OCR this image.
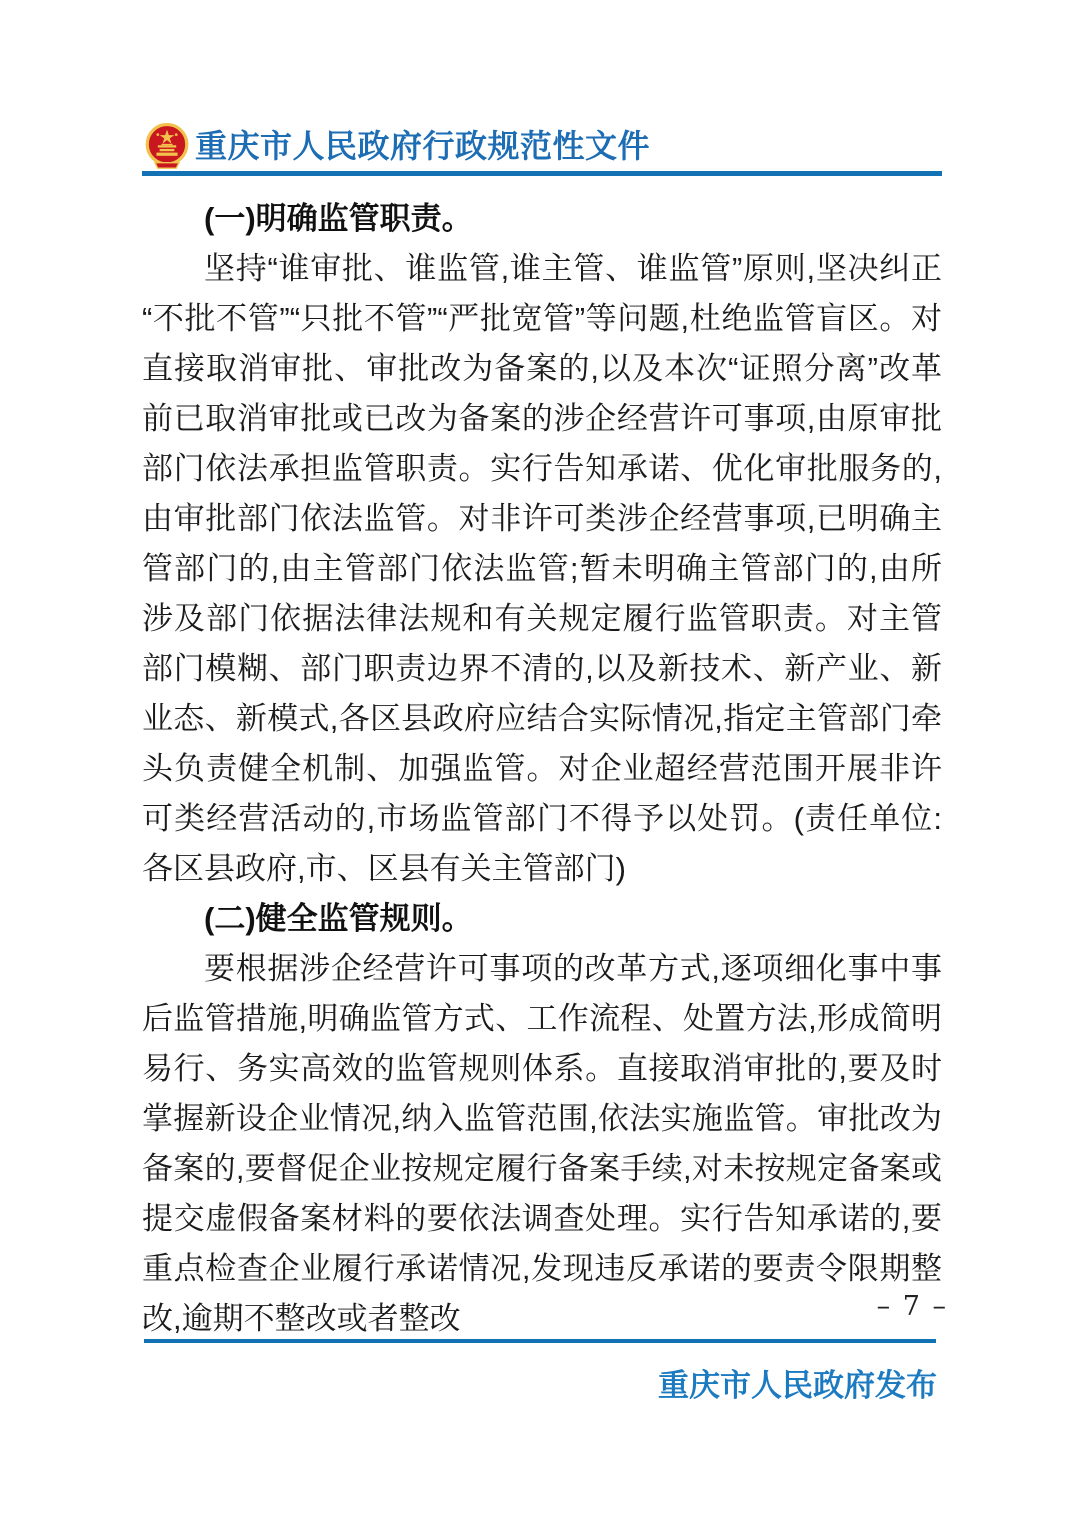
重庆市人民政府行政规范性文件

(一)明确监管职责。

坚持“谁审批、谁监管,谁主管、谁监管”原则,坚决纠正“不批不管”“只批不管”“严批宽管”等问题,杜绝监管盲区。对直接取消审批、审批改为备案的,以及本次“证照分离”改革前已取消审批或已改为备案的涉企经营许可事项,由原审批部门依法承担监管职责。实行告知承诺、优化审批服务的,由审批部门依法监管。对非许可类涉企经营事项,已明确主管部门的,由主管部门依法监管;暂未明确主管部门的,由所涉及部门依据法律法规和有关规定履行监管职责。对主管部门模糊、部门职责边界不清的,以及新技术、新产业、新业态、新模式,各区县政府应结合实际情况,指定主管部门牵头负责健全机制、加强监管。对企业超经营范围开展非许可类经营活动的,市场监管部门不得予以处罚。(责任单位:各区县政府,市、区县有关主管部门)

(二)健全监管规则。

要根据涉企经营许可事项的改革方式,逐项细化事中事后监管措施,明确监管方式、工作流程、处置方法,形成简明易行、务实高效的监管规则体系。直接取消审批的,要及时掌握新设企业情况,纳入监管范围,依法实施监管。审批改为备案的,要督促企业按规定履行备案手续,对未按规定备案或提交虚假备案材料的要依法调查处理。实行告知承诺的,要重点检查企业履行承诺情况,发现违反承诺的要责令限期整改,逾期不整改或者整改	– 7 –
重庆市人民政府发布
